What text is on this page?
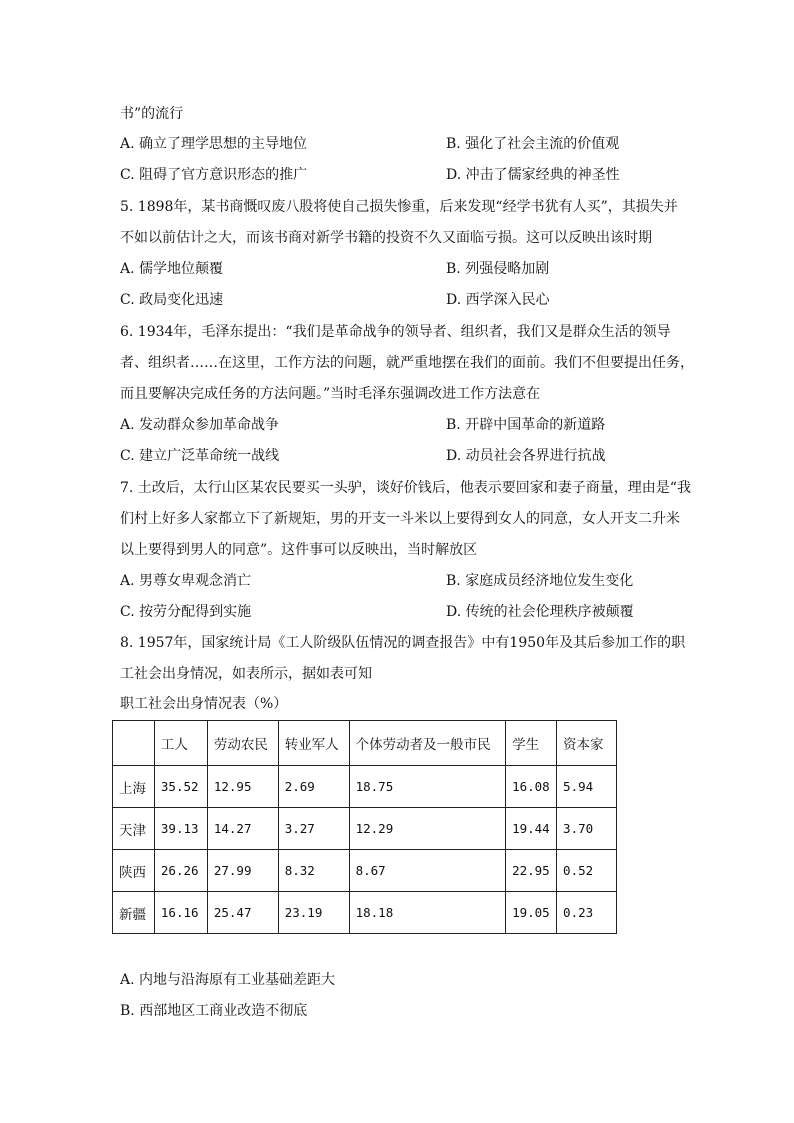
书”的流行
A. 确立了理学思想的主导地位	B. 强化了社会主流的价值观
C. 阻碍了官方意识形态的推广	D. 冲击了儒家经典的神圣性
5. 1898年，某书商慨叹废八股将使自己损失惨重，后来发现“经学书犹有人买”，其损失并
不如以前估计之大，而该书商对新学书籍的投资不久又面临亏损。这可以反映出该时期
A. 儒学地位颠覆	B. 列强侵略加剧
C. 政局变化迅速	D. 西学深入民心
6. 1934年，毛泽东提出：“我们是革命战争的领导者、组织者，我们又是群众生活的领导
者、组织者……在这里，工作方法的问题，就严重地摆在我们的面前。我们不但要提出任务，
而且要解决完成任务的方法问题。”当时毛泽东强调改进工作方法意在
A. 发动群众参加革命战争	B. 开辟中国革命的新道路
C. 建立广泛革命统一战线	D. 动员社会各界进行抗战
7. 土改后，太行山区某农民要买一头驴，谈好价钱后，他表示要回家和妻子商量，理由是“我
们村上好多人家都立下了新规矩，男的开支一斗米以上要得到女人的同意，女人开支二升米
以上要得到男人的同意”。这件事可以反映出，当时解放区
A. 男尊女卑观念消亡	B. 家庭成员经济地位发生变化
C. 按劳分配得到实施	D. 传统的社会伦理秩序被颠覆
8. 1957年，国家统计局《工人阶级队伍情况的调查报告》中有1950年及其后参加工作的职
工社会出身情况，如表所示，据如表可知
职工社会出身情况表（%）
	工人	劳动农民	转业军人	个体劳动者及一般市民	学生	资本家
上海	35.52	12.95	2.69	18.75	16.08	5.94
天津	39.13	14.27	3.27	12.29	19.44	3.70
陕西	26.26	27.99	8.32	8.67	22.95	0.52
新疆	16.16	25.47	23.19	18.18	19.05	0.23
A. 内地与沿海原有工业基础差距大
B. 西部地区工商业改造不彻底
